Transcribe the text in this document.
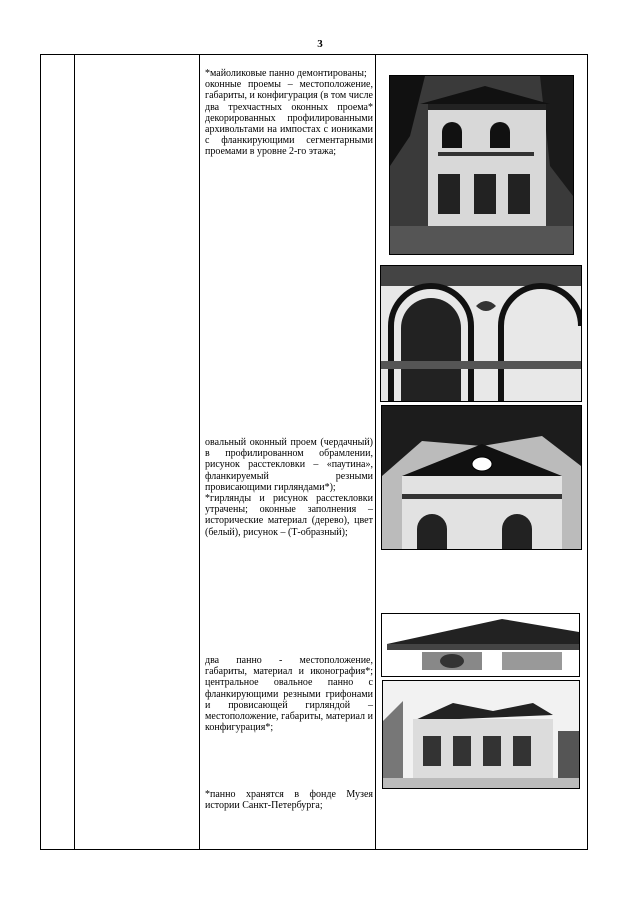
3

*майоликовые панно демонтированы;

оконные проемы – местоположение, габариты, и конфигурация (в том числе два трехчастных оконных проема* декорированных профилированными архивольтами на импостах с иониками с фланкирующими сегментарными проемами в уровне 2-го этажа;

овальный оконный проем (чердачный) в профилированном обрамлении, рисунок расстекловки – «паутина», фланкируемый резными провисающими гирляндами*);

*гирлянды и рисунок расстекловки утрачены; оконные заполнения – исторические материал (дерево), цвет (белый), рисунок – (Т-образный);

два панно - местоположение, габариты, материал и иконография*; центральное овальное панно с фланкирующими резными грифонами и провисающей гирляндой – местоположение, габариты, материал и конфигурация*;

*панно хранятся в фонде Музея истории Санкт-Петербурга;
